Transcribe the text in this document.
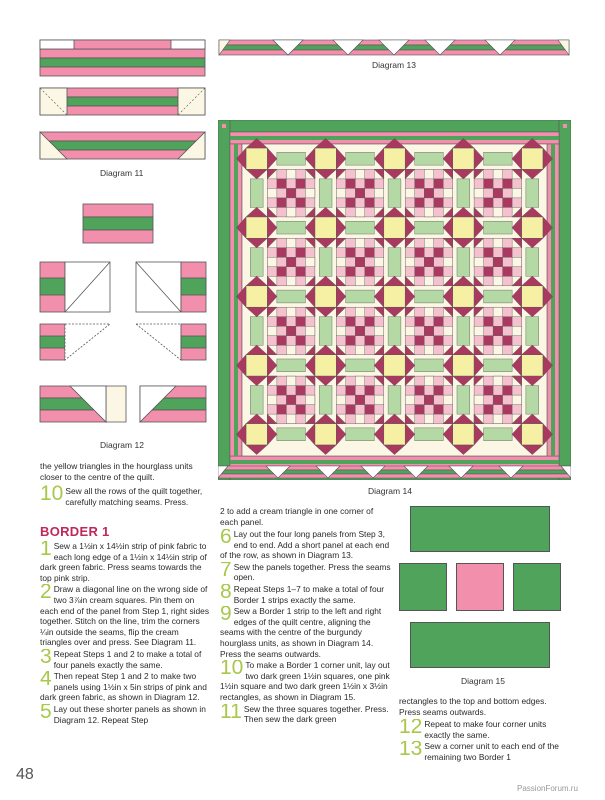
Diagram 11
Diagram 12
Diagram 13
Diagram 14
Diagram 15

the yellow triangles in the hourglass units closer to the centre of the quilt.

10 Sew all the rows of the quilt together, carefully matching seams. Press.
BORDER 1
1 Sew a 1½in x 14½in strip of pink fabric to each long edge of a 1½in x 14½in strip of dark green fabric. Press seams towards the top pink strip.
2 Draw a diagonal line on the wrong side of two 3⅞in cream squares. Pin them on each end of the panel from Step 1, right sides together. Stitch on the line, trim the corners ¼in outside the seams, flip the cream triangles over and press. See Diagram 11.
3 Repeat Steps 1 and 2 to make a total of four panels exactly the same.
4 Then repeat Step 1 and 2 to make two panels using 1½in x 5in strips of pink and dark green fabric, as shown in Diagram 12.
5 Lay out these shorter panels as shown in Diagram 12. Repeat Step

2 to add a cream triangle in one corner of each panel.

6 Lay out the four long panels from Step 3, end to end. Add a short panel at each end of the row, as shown in Diagram 13.
7 Sew the panels together. Press the seams open.
8 Repeat Steps 1–7 to make a total of four Border 1 strips exactly the same.
9 Sew a Border 1 strip to the left and right edges of the quilt centre, aligning the seams with the centre of the burgundy hourglass units, as shown in Diagram 14. Press the seams outwards.
10 To make a Border 1 corner unit, lay out two dark green 1½in squares, one pink 1½in square and two dark green 1½in x 3½in rectangles, as shown in Diagram 15.
11 Sew the three squares together. Press. Then sew the dark green

rectangles to the top and bottom edges. Press seams outwards.

12 Repeat to make four corner units exactly the same.
13 Sew a corner unit to each end of the remaining two Border 1
48
PassionForum.ru
